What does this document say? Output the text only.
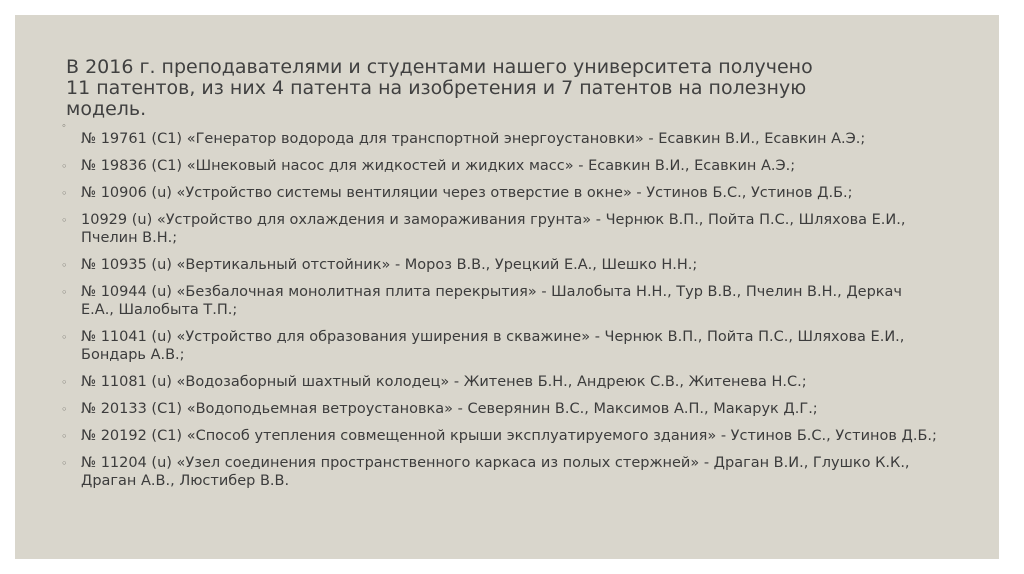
В 2016 г. преподавателями и студентами нашего университета получено 11 патентов, из них 4 патента на изобретения и 7 патентов на полезную модель.
◦
№ 19761 (C1) «Генератор водорода для транспортной энергоустановки» - Есавкин В.И., Есавкин А.Э.;
◦ № 19836 (C1) «Шнековый насос для жидкостей и жидких масс» - Есавкин В.И., Есавкин А.Э.;
◦ № 10906 (u) «Устройство системы вентиляции через отверстие в окне» - Устинов Б.С., Устинов Д.Б.;
◦ 10929 (u) «Устройство для охлаждения и замораживания грунта» - Чернюк В.П., Пойта П.С., Шляхова Е.И., Пчелин В.Н.;
◦ № 10935 (u) «Вертикальный отстойник» - Мороз В.В., Урецкий Е.А., Шешко Н.Н.;
◦ № 10944 (u) «Безбалочная монолитная плита перекрытия» - Шалобыта Н.Н., Тур В.В., Пчелин В.Н., Деркач Е.А., Шалобыта Т.П.;
◦ № 11041 (u) «Устройство для образования уширения в скважине» - Чернюк В.П., Пойта П.С., Шляхова Е.И., Бондарь А.В.;
◦ № 11081 (u) «Водозаборный шахтный колодец» - Житенев Б.Н., Андреюк С.В., Житенева Н.С.;
◦ № 20133 (C1) «Водоподьемная ветроустановка» - Северянин В.С., Максимов А.П., Макарук Д.Г.;
◦ № 20192 (C1) «Способ утепления совмещенной крыши эксплуатируемого здания» - Устинов Б.С., Устинов Д.Б.;
◦ № 11204 (u) «Узел соединения пространственного каркаса из полых стержней» - Драган В.И., Глушко К.К., Драган А.В., Люстибер В.В.
